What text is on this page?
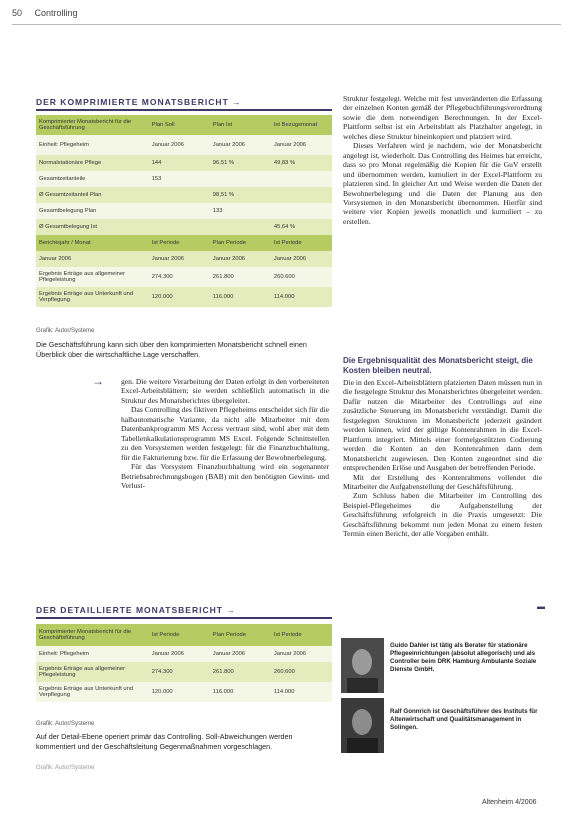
50 Controlling
DER KOMPRIMIERTE MONATSBERICHT →
Komprimierter Monatsbericht für die Geschäftsführung	Plan Soll	Plan Ist	Ist Bezugsmonat
Einheit: Pflegeheim	Januar 2006	Januar 2006	Januar 2006
Normalstationäre Pflege	144	96,51 %	49,83 %
Gesamtzeitanteile	153		
Ø Gesamtzeitanteil Plan		98,51 %	
Gesamtbelegung Plan		133	
Ø Gesamtbelegung Ist			45,64 %
Berichtsjahr / Monat	Ist Periode	Plan Periode	Ist Periode
Januar 2006	Januar 2006	Januar 2006	Januar 2006
Ergebnis Erträge aus allgemeiner Pflegeleistung	274.300	261.800	260.600
Ergebnis Erträge aus Unterkunft und Verpflegung	120.000	116.000	114.000
Grafik: Autor/Systeme
Die Geschäftsführung kann sich über den komprimierten Monatsbericht schnell einen Überblick über die wirtschaftliche Lage verschaffen.
→ gen. Die weitere Verarbeitung der Daten erfolgt in den vorbereiteten Excel-Arbeitsblättern; sie werden schließlich automatisch in die Struktur des Monatsberichtes übergeleitet.

Das Controlling des fiktiven Pflegeheims entscheidet sich für die halbautomatische Variante, da nicht alle Mitarbeiter mit dem Datenbankprogramm MS Access vertraut sind, wohl aber mit dem Tabellenkalkulationsprogramm MS Excel. Folgende Schnittstellen zu den Vorsystemen werden festgelegt: für die Finanzbuchhaltung, für die Fakturierung bzw. für die Erfassung der Bewohnerbelegung.

Für das Vorsystem Finanzbuchhaltung wird ein sogenannter Betriebsabrechnungsbogen (BAB) mit den benötigten Gewinn- und Verlust-

Struktur festgelegt. Welche mit fest unveränderten die Erfassung der einzelnen Konten gemäß der Pflegebuchführungsverordnung sowie die dem notwendigen Berechnungen. In der Excel-Plattform selbst ist ein Arbeitsblatt als Platzhalter angelegt, in welches diese Struktur hineinkopiert und platziert wird.

Dieses Verfahren wird je nachdem, wie der Monatsbericht angelegt ist, wiederholt. Das Controlling des Heimes hat erreicht, dass so pro Monat regelmäßig die Kopien für die GuV erstellt und übernommen werden, kumuliert in der Excel-Plattform zu platzieren sind. In gleicher Art und Weise werden die Daten der Bewohnerbelegung und die Daten der Planung aus den Vorsystemen in den Monatsbericht übernommen. Hierfür sind weitere vier Kopien jeweils monatlich und kumuliert – zu erstellen.

Die Ergebnisqualität des Monatsbericht steigt, die Kosten bleiben neutral.

Die in den Excel-Arbeitsblättern platzierten Daten müssen nun in die festgelegte Struktur des Monatsberichtes übergeleitet werden. Dafür nutzen die Mitarbeiter des Controllings auf eine zusätzliche Steuerung im Monatsbericht verständigt. Damit die festgelegten Strukturen im Monatsbericht jederzeit geändert werden können, wird der gültige Kontenrahmen in die Excel-Plattform integriert. Mittels einer formelgestützten Codierung werden die Konten an den Kontenrahmen dann dem Monatsbericht zugewiesen. Den Konten zugeordnet sind die entsprechenden Erlöse und Ausgaben der betreffenden Periode.

Mit der Erstellung des Kontenrahmens vollendet die Mitarbeiter die Aufgabenstellung der Geschäftsführung.

Zum Schluss haben die Mitarbeiter im Controlling des Beispiel-Pflegeheimes die Aufgabenstellung der Geschäftsführung erfolgreich in die Praxis umgesetzt: Die Geschäftsführung bekommt nun jeden Monat zu einem festen Termin einen Bericht, der alle Vorgaben enthält.

▬
DER DETAILLIERTE MONATSBERICHT →
Komprimierter Monatsbericht für die Geschäftsführung	Ist Periode	Plan Periode	Ist Periode
Einheit: Pflegeheim	Januar 2006	Januar 2006	Januar 2006
Ergebnis Erträge aus allgemeiner Pflegeleistung	274.300	261.800	260.600
Ergebnis Erträge aus Unterkunft und Verpflegung	120.000	116.000	114.000
Grafik: Autor/Systeme
Auf der Detail-Ebene operiert primär das Controlling. Soll-Abweichungen werden kommentiert und der Geschäftsleitung Gegenmaßnahmen vorgeschlagen.
Grafik: Autor/Systeme
Guido Dahler ist tätig als Berater für stationäre Pflegeeinrichtungen (absolut allegorisch) und als Controller beim DRK Hamburg Ambulante Soziale Dienste GmbH.
Ralf Gonnrich ist Geschäftsführer des Instituts für Altenwirtschaft und Qualitätsmanagement in Solingen.
Altenheim 4/2006
